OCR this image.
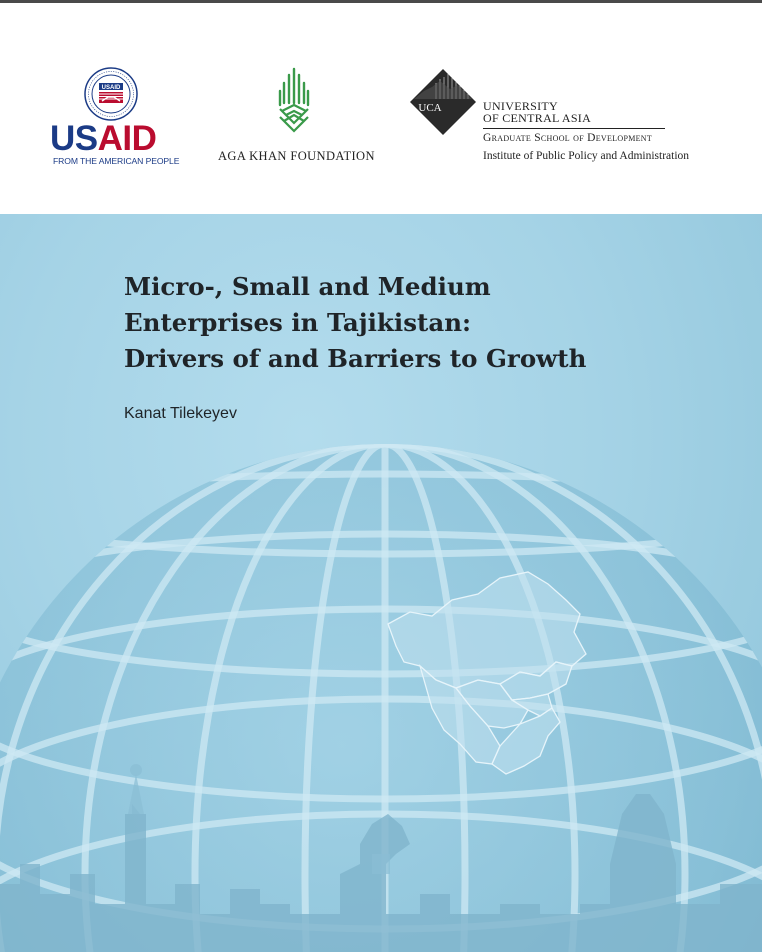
USAID
USAID
FROM THE AMERICAN PEOPLE	AGA KHAN FOUNDATION
UCA	UNIVERSITY
OF CENTRAL ASIA
Graduate School of Development
Institute of Public Policy and Administration
Micro-, Small and Medium
Enterprises in Tajikistan:
Drivers of and Barriers to Growth
Kanat Tilekeyev
